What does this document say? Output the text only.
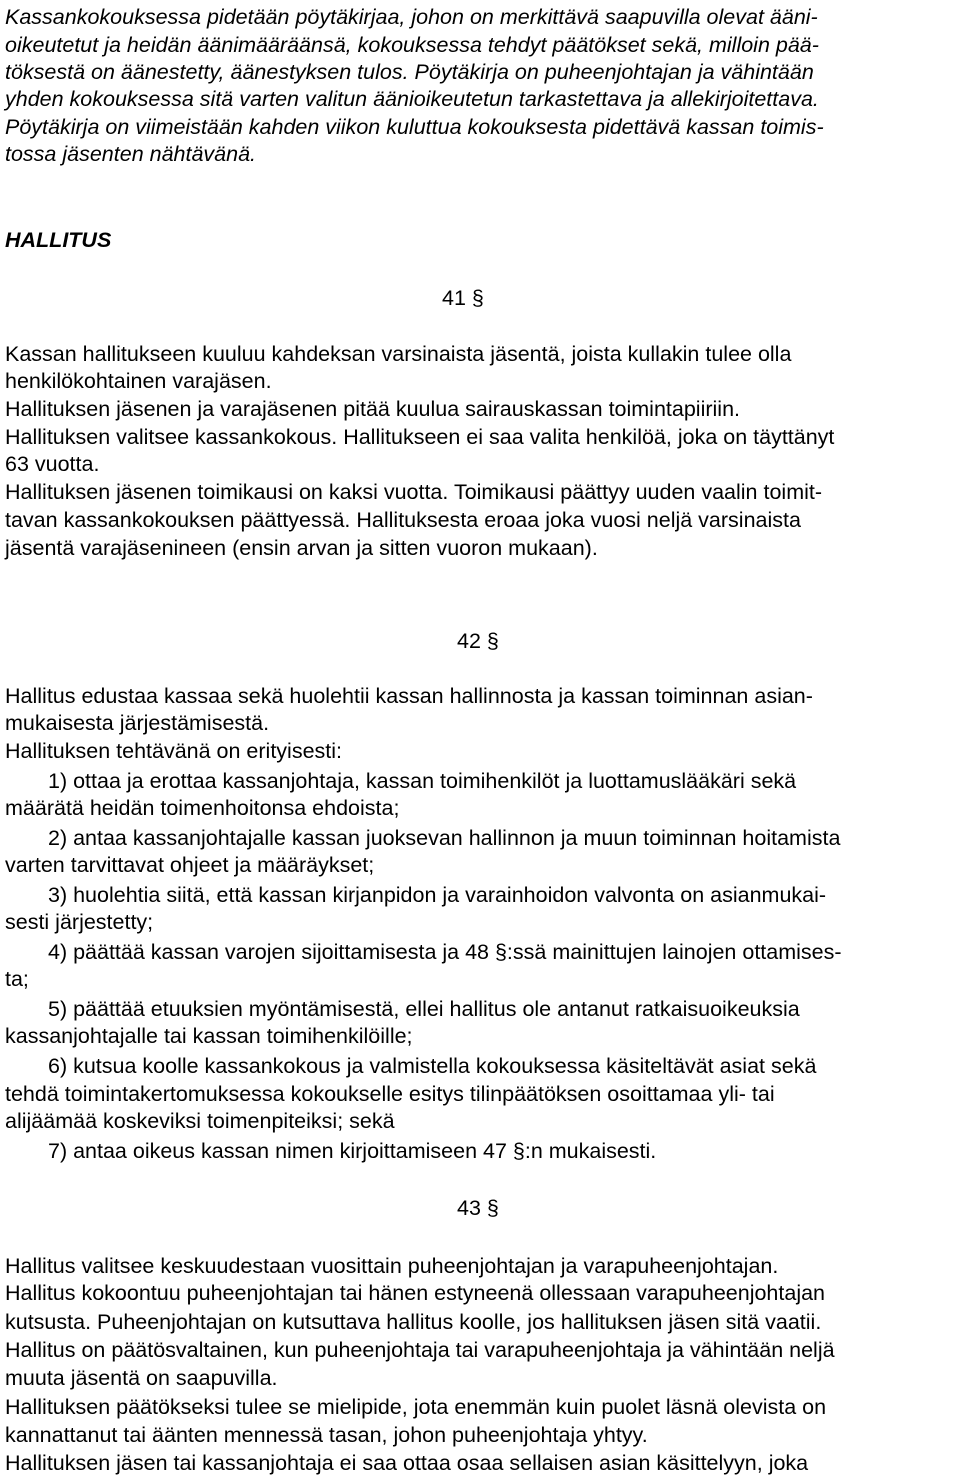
Kassankokouksessa pidetään pöytäkirjaa, johon on merkittävä saapuvilla olevat ääni-
oikeutetut ja heidän äänimääräänsä, kokouksessa tehdyt päätökset sekä, milloin pää-
töksestä on äänestetty, äänestyksen tulos. Pöytäkirja on puheenjohtajan ja vähintään
yhden kokouksessa sitä varten valitun äänioikeutetun tarkastettava ja allekirjoitettava.
Pöytäkirja on viimeistään kahden viikon kuluttua kokouksesta pidettävä kassan toimis-
tossa jäsenten nähtävänä.
HALLITUS
41 §
Kassan hallitukseen kuuluu kahdeksan varsinaista jäsentä, joista kullakin tulee olla
henkilökohtainen varajäsen.
Hallituksen jäsenen ja varajäsenen pitää kuulua sairauskassan toimintapiiriin.
Hallituksen valitsee kassankokous. Hallitukseen ei saa valita henkilöä, joka on täyttänyt
63 vuotta.
Hallituksen jäsenen toimikausi on kaksi vuotta. Toimikausi päättyy uuden vaalin toimit-
tavan kassankokouksen päättyessä. Hallituksesta eroaa joka vuosi neljä varsinaista
jäsentä varajäsenineen (ensin arvan ja sitten vuoron mukaan).
42 §
Hallitus edustaa kassaa sekä huolehtii kassan hallinnosta ja kassan toiminnan asian-
mukaisesta järjestämisestä.
Hallituksen tehtävänä on erityisesti:
1) ottaa ja erottaa kassanjohtaja, kassan toimihenkilöt ja luottamuslääkäri sekä
määrätä heidän toimenhoitonsa ehdoista;
2) antaa kassanjohtajalle kassan juoksevan hallinnon ja muun toiminnan hoitamista
varten tarvittavat ohjeet ja määräykset;
3) huolehtia siitä, että kassan kirjanpidon ja varainhoidon valvonta on asianmukai-
sesti järjestetty;
4) päättää kassan varojen sijoittamisesta ja 48 §:ssä mainittujen lainojen ottamises-
ta;
5) päättää etuuksien myöntämisestä, ellei hallitus ole antanut ratkaisuoikeuksia
kassanjohtajalle tai kassan toimihenkilöille;
6) kutsua koolle kassankokous ja valmistella kokouksessa käsiteltävät asiat sekä
tehdä toimintakertomuksessa kokoukselle esitys tilinpäätöksen osoittamaa yli- tai
alijäämää koskeviksi toimenpiteiksi; sekä
7) antaa oikeus kassan nimen kirjoittamiseen 47 §:n mukaisesti.
43 §
Hallitus valitsee keskuudestaan vuosittain puheenjohtajan ja varapuheenjohtajan.
Hallitus kokoontuu puheenjohtajan tai hänen estyneenä ollessaan varapuheenjohtajan
kutsusta. Puheenjohtajan on kutsuttava hallitus koolle, jos hallituksen jäsen sitä vaatii.
Hallitus on päätösvaltainen, kun puheenjohtaja tai varapuheenjohtaja ja vähintään neljä
muuta jäsentä on saapuvilla.
Hallituksen päätökseksi tulee se mielipide, jota enemmän kuin puolet läsnä olevista on
kannattanut tai äänten mennessä tasan, johon puheenjohtaja yhtyy.
Hallituksen jäsen tai kassanjohtaja ei saa ottaa osaa sellaisen asian käsittelyyn, joka
